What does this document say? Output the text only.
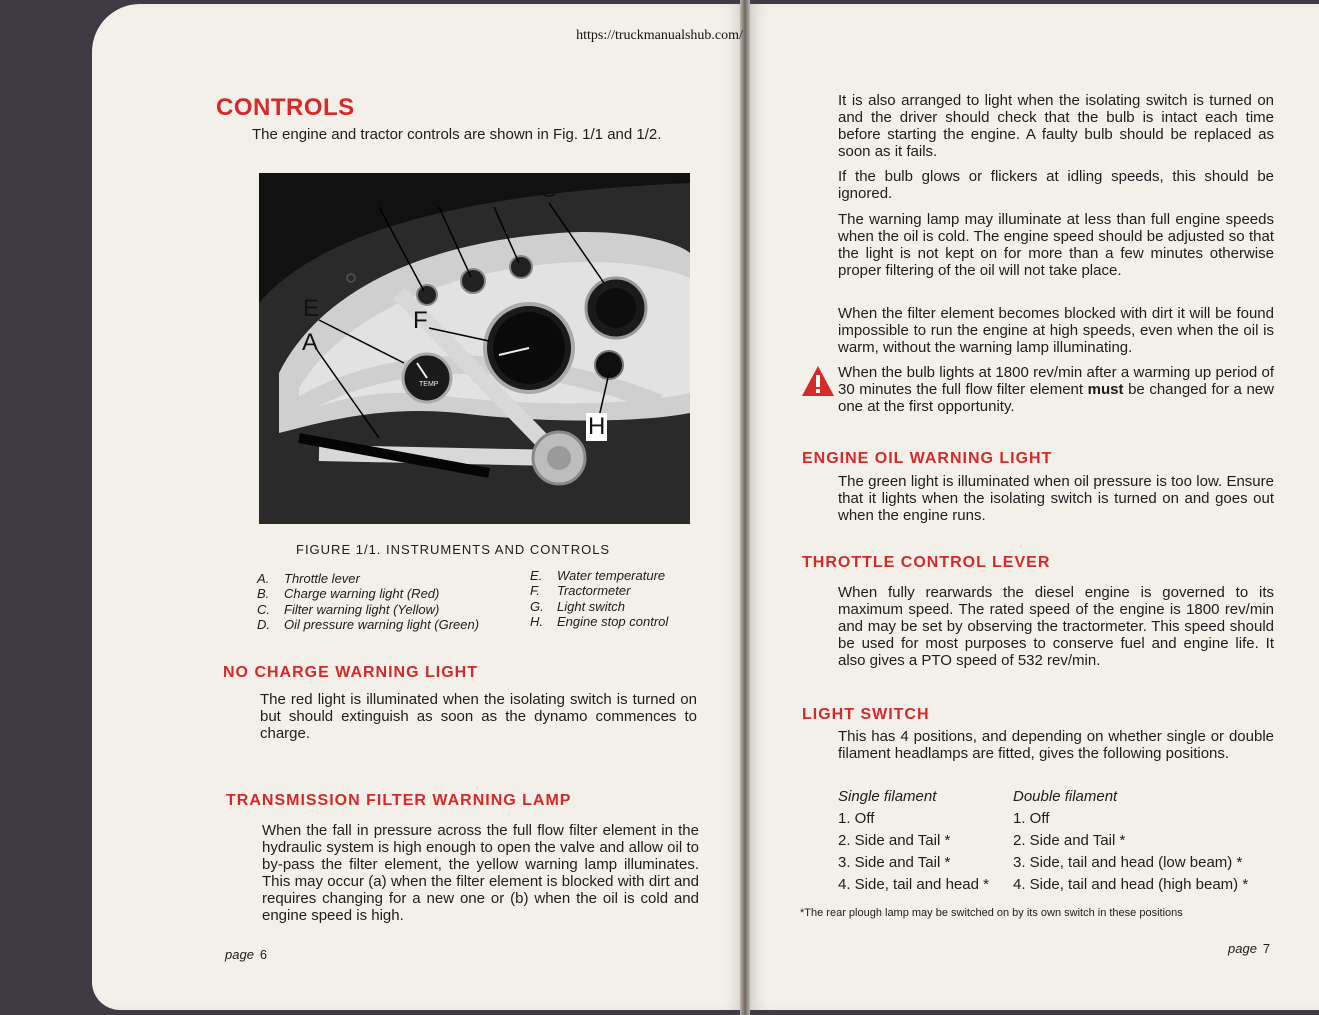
https://truckmanualshub.com/
CONTROLS

The engine and tractor controls are shown in Fig. 1/1 and 1/2.

TEMP
B C D G
E	F
A
H
FIGURE 1/1. INSTRUMENTS AND CONTROLS
A. Throttle lever
B. Charge warning light (Red)
C. Filter warning light (Yellow)
D. Oil pressure warning light (Green)
E. Water temperature
F. Tractormeter
G. Light switch
H. Engine stop control
NO CHARGE WARNING LIGHT

The red light is illuminated when the isolating switch is turned on but should extinguish as soon as the dynamo commences to charge.

TRANSMISSION FILTER WARNING LAMP

When the fall in pressure across the full flow filter element in the hydraulic system is high enough to open the valve and allow oil to by-pass the filter element, the yellow warning lamp illuminates. This may occur (a) when the filter element is blocked with dirt and requires changing for a new one or (b) when the oil is cold and engine speed is high.

page 6

It is also arranged to light when the isolating switch is turned on and the driver should check that the bulb is intact each time before starting the engine. A faulty bulb should be replaced as soon as it fails.

If the bulb glows or flickers at idling speeds, this should be ignored.

The warning lamp may illuminate at less than full engine speeds when the oil is cold. The engine speed should be adjusted so that the light is not kept on for more than a few minutes otherwise proper filtering of the oil will not take place.

When the filter element becomes blocked with dirt it will be found impossible to run the engine at high speeds, even when the oil is warm, without the warning lamp illuminating.

When the bulb lights at 1800 rev/min after a warming up period of 30 minutes the full flow filter element must be changed for a new one at the first opportunity.

ENGINE OIL WARNING LIGHT

The green light is illuminated when oil pressure is too low. Ensure that it lights when the isolating switch is turned on and goes out when the engine runs.

THROTTLE CONTROL LEVER

When fully rearwards the diesel engine is governed to its maximum speed. The rated speed of the engine is 1800 rev/min and may be set by observing the tractormeter. This speed should be used for most purposes to conserve fuel and engine life. It also gives a PTO speed of 532 rev/min.

LIGHT SWITCH

This has 4 positions, and depending on whether single or double filament headlamps are fitted, gives the following positions.

Single filament
1. Off
2. Side and Tail *
3. Side and Tail *
4. Side, tail and head *
Double filament
1. Off
2. Side and Tail *
3. Side, tail and head (low beam) *
4. Side, tail and head (high beam) *
*The rear plough lamp may be switched on by its own switch in these positions
page 7
